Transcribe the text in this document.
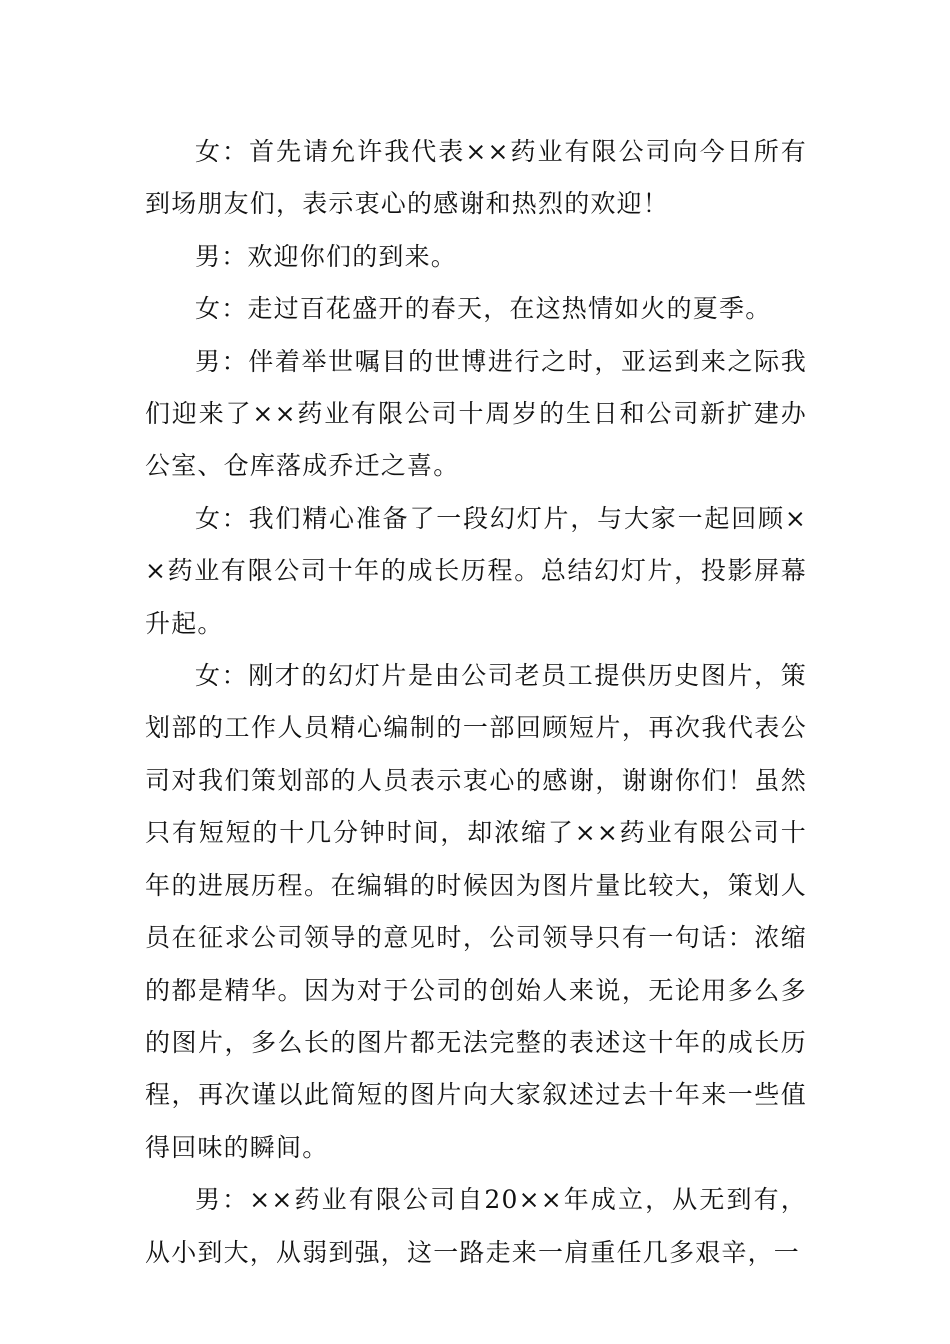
女：首先请允许我代表××药业有限公司向今日所有到场朋友们，表示衷心的感谢和热烈的欢迎！

男：欢迎你们的到来。

女：走过百花盛开的春天，在这热情如火的夏季。

男：伴着举世嘱目的世博进行之时，亚运到来之际我们迎来了××药业有限公司十周岁的生日和公司新扩建办公室、仓库落成乔迁之喜。

女：我们精心准备了一段幻灯片，与大家一起回顾××药业有限公司十年的成长历程。总结幻灯片，投影屏幕升起。

女：刚才的幻灯片是由公司老员工提供历史图片，策划部的工作人员精心编制的一部回顾短片，再次我代表公司对我们策划部的人员表示衷心的感谢，谢谢你们！虽然只有短短的十几分钟时间，却浓缩了××药业有限公司十年的进展历程。在编辑的时候因为图片量比较大，策划人员在征求公司领导的意见时，公司领导只有一句话：浓缩的都是精华。因为对于公司的创始人来说，无论用多么多的图片，多么长的图片都无法完整的表述这十年的成长历程，再次谨以此简短的图片向大家叙述过去十年来一些值得回味的瞬间。

男：××药业有限公司自20××年成立，从无到有，从小到大，从弱到强，这一路走来一肩重任几多艰辛，一
